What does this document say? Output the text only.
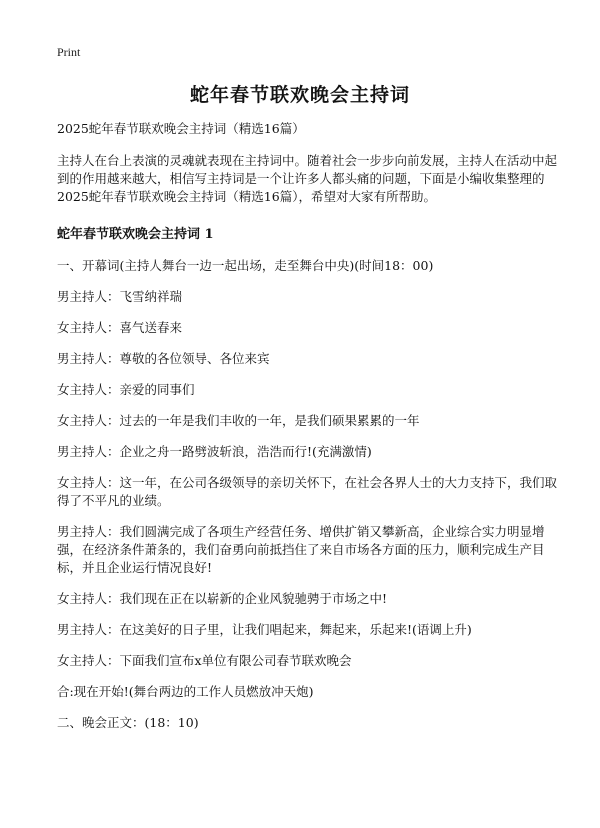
Print
蛇年春节联欢晚会主持词

2025蛇年春节联欢晚会主持词（精选16篇）

主持人在台上表演的灵魂就表现在主持词中。随着社会一步步向前发展，主持人在活动中起到的作用越来越大，相信写主持词是一个让许多人都头痛的问题，下面是小编收集整理的2025蛇年春节联欢晚会主持词（精选16篇），希望对大家有所帮助。

蛇年春节联欢晚会主持词 1

一、开幕词(主持人舞台一边一起出场，走至舞台中央)(时间18：00)

男主持人：飞雪纳祥瑞

女主持人：喜气送春来

男主持人：尊敬的各位领导、各位来宾

女主持人：亲爱的同事们

女主持人：过去的一年是我们丰收的一年，是我们硕果累累的一年

男主持人：企业之舟一路劈波斩浪，浩浩而行!(充满激情)

女主持人：这一年，在公司各级领导的亲切关怀下，在社会各界人士的大力支持下，我们取得了不平凡的业绩。

男主持人：我们圆满完成了各项生产经营任务、增供扩销又攀新高，企业综合实力明显增强，在经济条件萧条的，我们奋勇向前抵挡住了来自市场各方面的压力，顺利完成生产目标，并且企业运行情况良好!

女主持人：我们现在正在以崭新的企业风貌驰骋于市场之中!

男主持人：在这美好的日子里，让我们唱起来，舞起来，乐起来!(语调上升)

女主持人：下面我们宣布x单位有限公司春节联欢晚会

合:现在开始!(舞台两边的工作人员燃放冲天炮)

二、晚会正文：(18：10)
